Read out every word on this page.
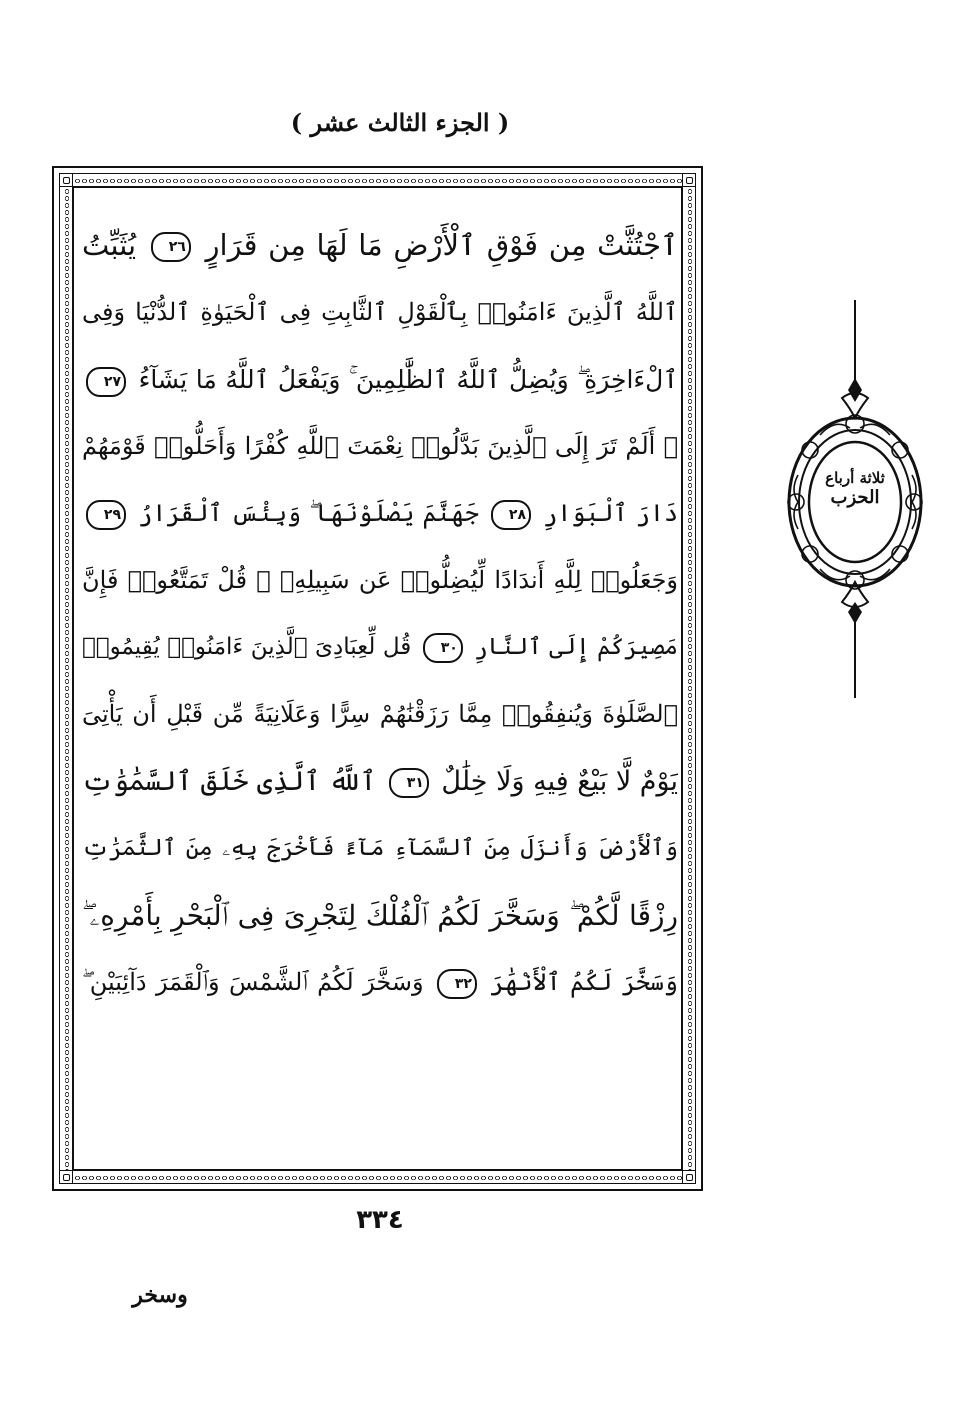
( الجزء الثالث عشر )
ٱجْتُثَّتْ مِن فَوْقِ ٱلْأَرْضِ مَا لَهَا مِن قَرَارٍ ٢٦ يُثَبِّتُ
ٱللَّهُ ٱلَّذِينَ ءَامَنُوا۟ بِٱلْقَوْلِ ٱلثَّابِتِ فِى ٱلْحَيَوٰةِ ٱلدُّنْيَا وَفِى
ٱلْءَاخِرَةِ ۖ وَيُضِلُّ ٱللَّهُ ٱلظَّٰلِمِينَ ۚ وَيَفْعَلُ ٱللَّهُ مَا يَشَآءُ ٢٧
۞ أَلَمْ تَرَ إِلَى ٱلَّذِينَ بَدَّلُوا۟ نِعْمَتَ ٱللَّهِ كُفْرًا وَأَحَلُّوا۟ قَوْمَهُمْ
دَارَ ٱلْبَوَارِ ٢٨ جَهَنَّمَ يَصْلَوْنَهَا ۖ وَبِئْسَ ٱلْقَرَارُ ٢٩
وَجَعَلُوا۟ لِلَّهِ أَندَادًا لِّيُضِلُّوا۟ عَن سَبِيلِهِۦ ۗ قُلْ تَمَتَّعُوا۟ فَإِنَّ
مَصِيرَكُمْ إِلَى ٱلنَّارِ ٣٠ قُل لِّعِبَادِىَ ٱلَّذِينَ ءَامَنُوا۟ يُقِيمُوا۟
ٱلصَّلَوٰةَ وَيُنفِقُوا۟ مِمَّا رَزَقْنَٰهُمْ سِرًّا وَعَلَانِيَةً مِّن قَبْلِ أَن يَأْتِىَ
يَوْمٌ لَّا بَيْعٌ فِيهِ وَلَا خِلَٰلٌ ٣١ ٱللَّهُ ٱلَّذِى خَلَقَ ٱلسَّمَٰوَٰتِ
وَٱلْأَرْضَ وَأَنزَلَ مِنَ ٱلسَّمَآءِ مَآءً فَأَخْرَجَ بِهِۦ مِنَ ٱلثَّمَرَٰتِ
رِزْقًا لَّكُمْ ۖ وَسَخَّرَ لَكُمُ ٱلْفُلْكَ لِتَجْرِىَ فِى ٱلْبَحْرِ بِأَمْرِهِۦ ۖ
وَسَخَّرَ لَكُمُ ٱلْأَنْهَٰرَ ٣٢ وَسَخَّرَ لَكُمُ ٱلشَّمْسَ وَٱلْقَمَرَ دَآئِبَيْنِ ۖ
ثلاثة أرباع
الحزب
٣٣٤
وسخر
